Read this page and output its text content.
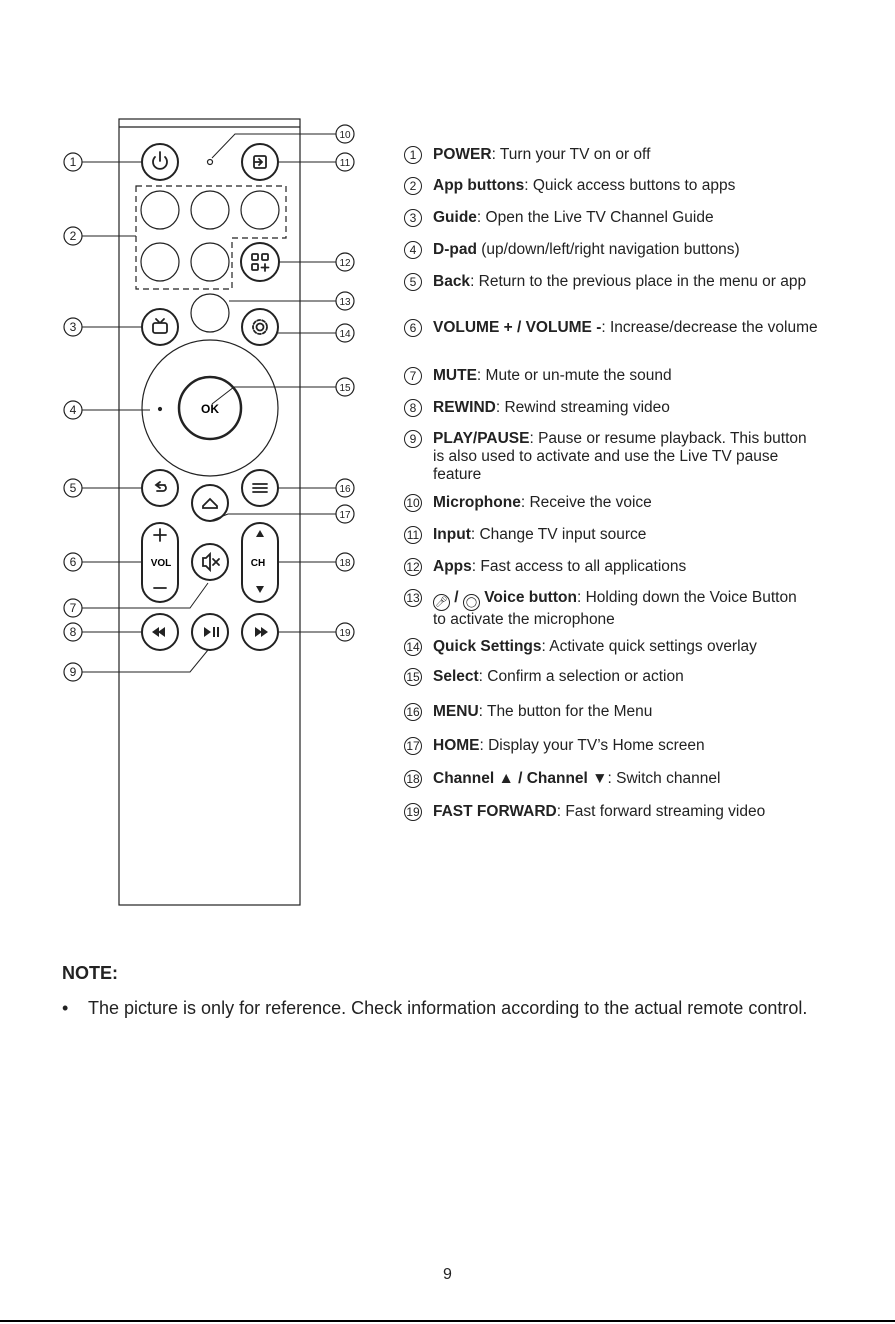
OK
VOL	CH
1
2
3
4
5
6
7
8
9
10
11
12
13
14
15
16
17
18
19
1	POWER: Turn your TV on or off
2	App buttons: Quick access buttons to apps
3	Guide: Open the Live TV Channel Guide
4	D-pad (up/down/left/right navigation buttons)
5	Back: Return to the previous place in the menu or app
6	VOLUME + / VOLUME -: Increase/decrease the volume
7	MUTE: Mute or un-mute the sound
8	REWIND: Rewind streaming video
9	PLAY/PAUSE: Pause or resume playback. This button is also used to activate and use the Live TV pause feature
10 Microphone: Receive the voice
11 Input: Change TV input source
12 Apps: Fast access to all applications
13 🎤︎ / ◯ Voice button: Holding down the Voice Button to activate the microphone
14 Quick Settings: Activate quick settings overlay
15 Select: Confirm a selection or action
16 MENU: The button for the Menu
17 HOME: Display your TV’s Home screen
18 Channel ▲ / Channel ▼: Switch channel
19 FAST FORWARD: Fast forward streaming video
NOTE:
• The picture is only for reference. Check information according to the actual remote control.
9
